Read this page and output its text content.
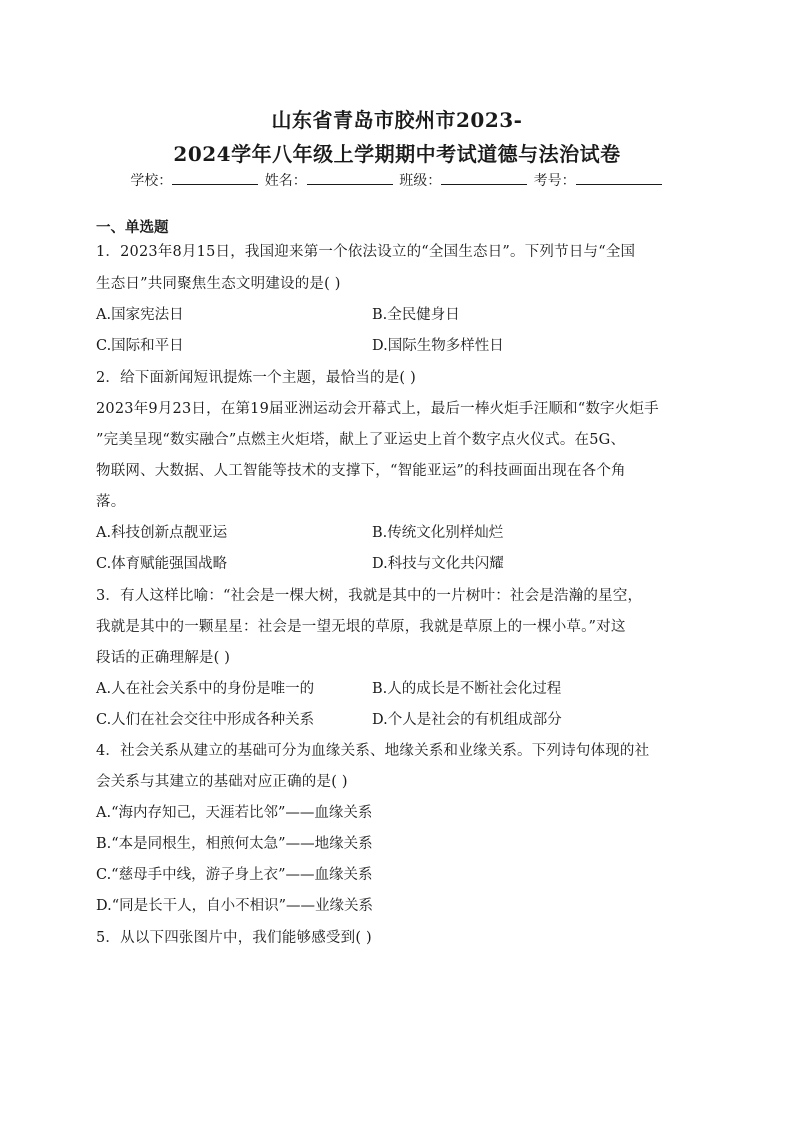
山东省青岛市胶州市2023-
2024学年八年级上学期期中考试道德与法治试卷
学校：	姓名：	班级：	考号：
一、单选题
1．2023年8月15日，我国迎来第一个依法设立的“全国生态日”。下列节日与“全国
生态日”共同聚焦生态文明建设的是( )
A.国家宪法日	B.全民健身日
C.国际和平日	D.国际生物多样性日
2．给下面新闻短讯提炼一个主题，最恰当的是( )
2023年9月23日，在第19届亚洲运动会开幕式上，最后一棒火炬手汪顺和“数字火炬手
”完美呈现“数实融合”点燃主火炬塔，献上了亚运史上首个数字点火仪式。在5G、
物联网、大数据、人工智能等技术的支撑下，“智能亚运”的科技画面出现在各个角
落。
A.科技创新点靓亚运	B.传统文化别样灿烂
C.体育赋能强国战略	D.科技与文化共闪耀
3．有人这样比喻：“社会是一棵大树，我就是其中的一片树叶：社会是浩瀚的星空，
我就是其中的一颗星星：社会是一望无垠的草原，我就是草原上的一棵小草。”对这
段话的正确理解是( )
A.人在社会关系中的身份是唯一的	B.人的成长是不断社会化过程
C.人们在社会交往中形成各种关系	D.个人是社会的有机组成部分
4．社会关系从建立的基础可分为血缘关系、地缘关系和业缘关系。下列诗句体现的社
会关系与其建立的基础对应正确的是( )
A.“海内存知己，天涯若比邻”——血缘关系
B.“本是同根生，相煎何太急”——地缘关系
C.“慈母手中线，游子身上衣”——血缘关系
D.“同是长干人，自小不相识”——业缘关系
5．从以下四张图片中，我们能够感受到( )
